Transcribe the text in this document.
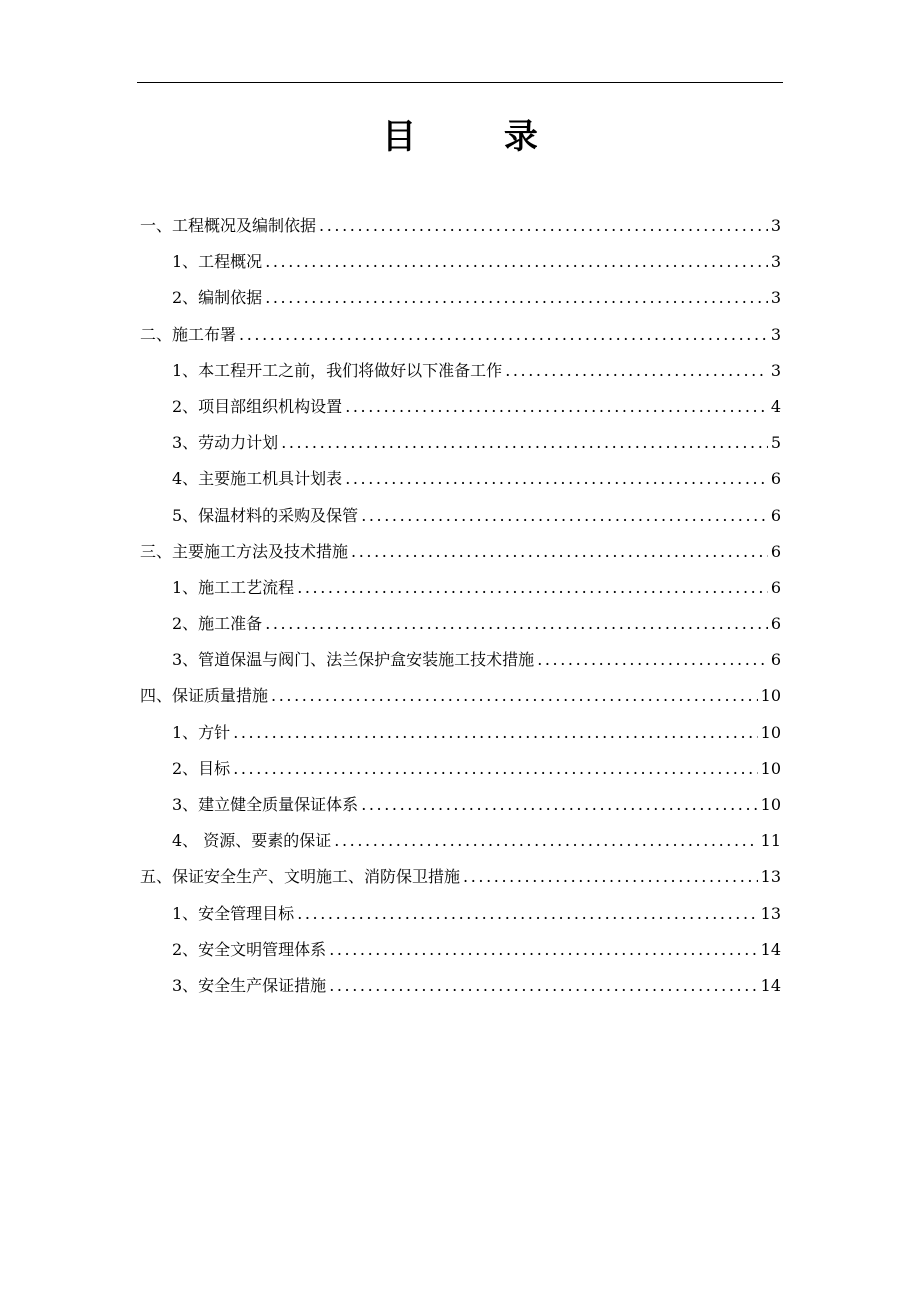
目 录
一、工程概况及编制依据 .....	3
1、工程概况 .....	3
2、编制依据 .....	3
二、施工布署 .....	3
1、本工程开工之前，我们将做好以下准备工作 .....	3
2、项目部组织机构设置 .....	4
3、劳动力计划 .....	5
4、主要施工机具计划表 .....	6
5、保温材料的采购及保管 .....	6
三、主要施工方法及技术措施 .....	6
1、施工工艺流程 .....	6
2、施工准备 .....	6
3、管道保温与阀门、法兰保护盒安装施工技术措施 .....	6
四、保证质量措施 .....	10
1、方针 .....	10
2、目标 .....	10
3、建立健全质量保证体系 .....	10
4、 资源、要素的保证 .....	11
五、保证安全生产、文明施工、消防保卫措施 .....	13
1、安全管理目标 .....	13
2、安全文明管理体系 .....	14
3、安全生产保证措施 .....	14
